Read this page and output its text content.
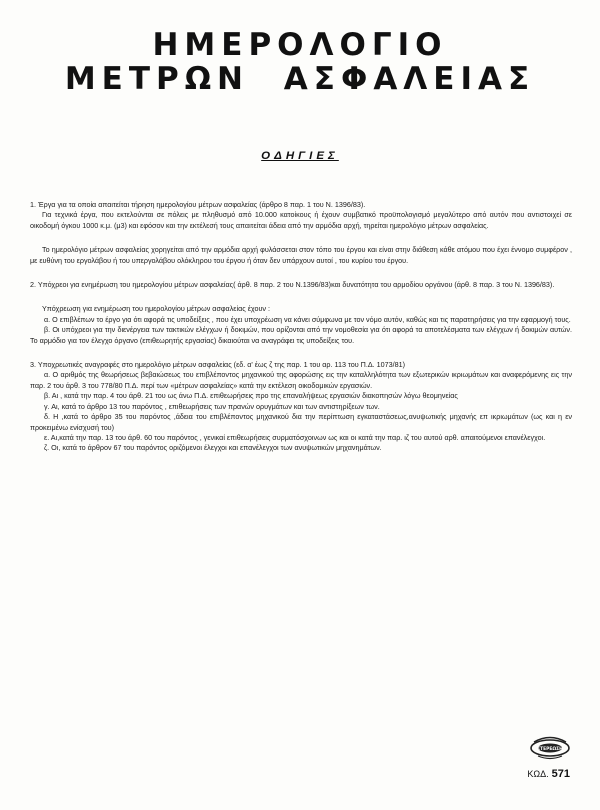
ΗΜΕΡΟΛΟΓΙΟ
ΜΕΤΡΩΝ ΑΣΦΑΛΕΙΑΣ
ΟΔΗΓΙΕΣ

1. Έργα για τα οποία απαιτείται τήρηση ημερολογίου μέτρων ασφαλείας (άρθρο 8 παρ. 1 του Ν. 1396/83).

Για τεχνικά έργα, που εκτελούνται σε πόλεις με πληθυσμό από 10.000 κατοίκους ή έχουν συμβατικό προϋπολογισμό μεγαλύτερο από αυτόν που αντιστοιχεί σε οικοδομή όγκου 1000 κ.μ. (μ3) και εφόσον και την εκτέλεσή τους απαιτείται άδεια από την αρμόδια αρχή, τηρείται ημερολόγιο μέτρων ασφαλείας.

Το ημερολόγιο μέτρων ασφαλείας χορηγείται από την αρμόδια αρχή φυλάσσεται στον τόπο του έργου και είναι στην διάθεση κάθε ατόμου που έχει έννομο συμφέρον , με ευθύνη του εργολάβου ή του υπεργολάβου ολόκληρου του έργου ή όταν δεν υπάρχουν αυτοί , του κυρίου του έργου.

2. Υπόχρεοι για ενημέρωση του ημερολογίου μέτρων ασφαλείας( άρθ. 8 παρ. 2 του Ν.1396/83)και δυνατότητα του αρμοδίου οργάνου (άρθ. 8 παρ. 3 του Ν. 1396/83).

Υπόχρεωση για ενημέρωση του ημερολογίου μέτρων ασφαλείας έχουν :

α. Ο επιβλέπων το έργο για ότι αφορά τις υποδείξεις , που έχει υποχρέωση να κάνει σύμφωνα με τον νόμο αυτόν, καθώς και τις παρατηρήσεις για την εφαρμογή τους.

β. Οι υπόχρεοι για την διενέργεια των τακτικών ελέγχων ή δοκιμών, που ορίζονται από την νομοθεσία για ότι αφορά τα αποτελέσματα των ελέγχων ή δοκιμών αυτών. Το αρμόδιο για τον έλεγχο όργανο (επιθεωρητής εργασίας) δικαιούται να αναγράφει τις υποδείξεις του.

3. Υποχρεωτικές αναγραφές στο ημερολόγιο μέτρων ασφαλείας (εδ. α' έως ζ της παρ. 1 του αρ. 113 του Π.Δ. 1073/81)

α. Ο αριθμός της θεωρήσεως βεβαιώσεως του επιβλέποντος μηχανικού της αφορώσης εις την καταλληλότητα των εξωτερικών ικριωμάτων και αναφερόμενης εις την παρ. 2 του άρθ. 3 του 778/80 Π.Δ. περί των «μέτρων ασφαλείας» κατά την εκτέλεση οικοδομικών εργασιών.

β. Αι , κατά την παρ. 4 του άρθ. 21 του ως άνω Π.Δ. επιθεωρήσεις προ της επαναλήψεως εργασιών διακοπησών λόγω θεομηνείας

γ. Αι, κατά το άρθρο 13 του παρόντος , επιθεωρήσεις των πρανών ορυγμάτων και των αντιστηρίξεων των.

δ. Η ,κατά το άρθρο 35 του παρόντος ,άδεια του επιβλέποντος μηχανικού δια την περίπτωση εγκαταστάσεως,ανυψωτικής μηχανής επ ικριωμάτων (ως και η εν προκειμένω ενίσχυσή του)

ε. Αι,κατά την παρ. 13 του άρθ. 60 του παρόντος , γενικαί επιθεωρήσεις συρματόσχοινων ως και οι κατά την παρ. ιζ του αυτού αρθ. απαιτούμενοι επανέλεγχοι.

ζ. Οι, κατά το άρθρον 67 του παρόντος οριζόμενοι έλεγχοι και επανέλεγχοι των ανυψωτικών μηχανημάτων.

ΣΤΕΡΕΩΣΗ
ΚΩΔ. 571
